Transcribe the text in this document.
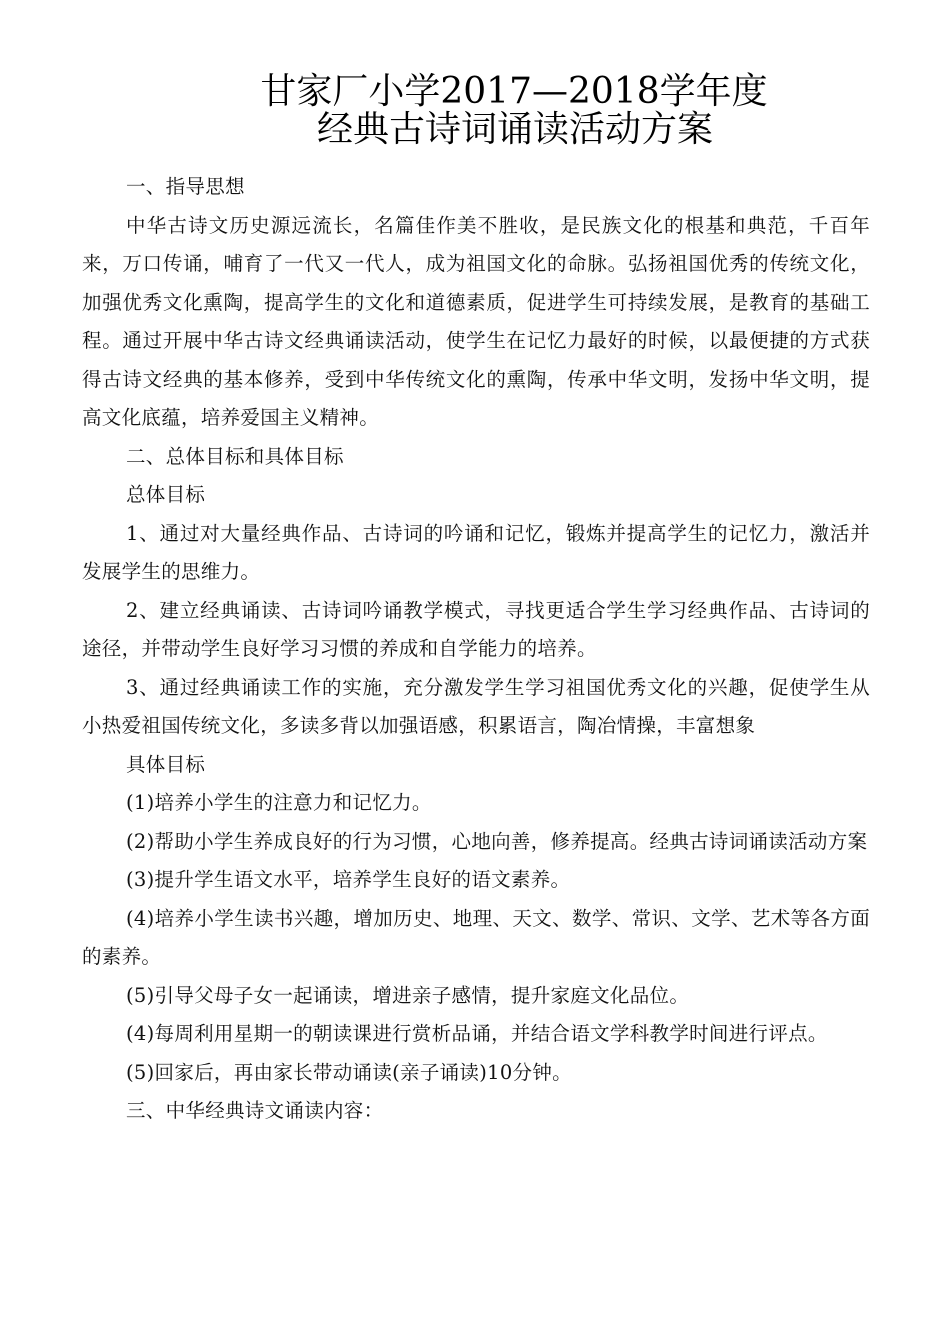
甘家厂小学2017—2018学年度
经典古诗词诵读活动方案

一、指导思想

中华古诗文历史源远流长，名篇佳作美不胜收，是民族文化的根基和典范，千百年来，万口传诵，哺育了一代又一代人，成为祖国文化的命脉。弘扬祖国优秀的传统文化，加强优秀文化熏陶，提高学生的文化和道德素质，促进学生可持续发展，是教育的基础工程。通过开展中华古诗文经典诵读活动，使学生在记忆力最好的时候，以最便捷的方式获得古诗文经典的基本修养，受到中华传统文化的熏陶，传承中华文明，发扬中华文明，提高文化底蕴，培养爱国主义精神。

二、总体目标和具体目标

总体目标

1、通过对大量经典作品、古诗词的吟诵和记忆，锻炼并提高学生的记忆力，激活并发展学生的思维力。

2、建立经典诵读、古诗词吟诵教学模式，寻找更适合学生学习经典作品、古诗词的途径，并带动学生良好学习习惯的养成和自学能力的培养。

3、通过经典诵读工作的实施，充分激发学生学习祖国优秀文化的兴趣，促使学生从小热爱祖国传统文化，多读多背以加强语感，积累语言，陶冶情操，丰富想象

具体目标

(1)培养小学生的注意力和记忆力。

(2)帮助小学生养成良好的行为习惯，心地向善，修养提高。经典古诗词诵读活动方案

(3)提升学生语文水平，培养学生良好的语文素养。

(4)培养小学生读书兴趣，增加历史、地理、天文、数学、常识、文学、艺术等各方面的素养。

(5)引导父母子女一起诵读，增进亲子感情，提升家庭文化品位。

(4)每周利用星期一的朝读课进行赏析品诵，并结合语文学科教学时间进行评点。

(5)回家后，再由家长带动诵读(亲子诵读)10分钟。

三、中华经典诗文诵读内容：
